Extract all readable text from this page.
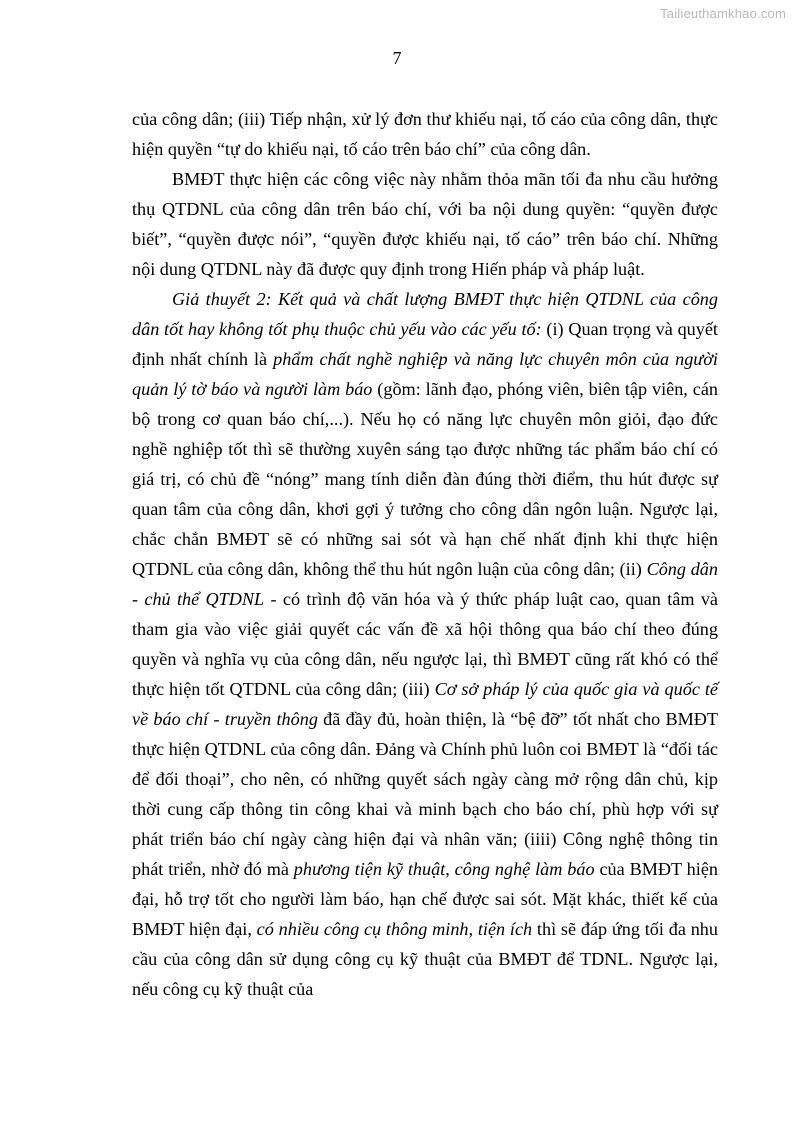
Tailieuthamkhao.com
7

của công dân; (iii) Tiếp nhận, xử lý đơn thư khiếu nại, tố cáo của công dân, thực hiện quyền “tự do khiếu nại, tố cáo trên báo chí” của công dân.

BMĐT thực hiện các công việc này nhằm thỏa mãn tối đa nhu cầu hưởng thụ QTDNL của công dân trên báo chí, với ba nội dung quyền: “quyền được biết”, “quyền được nói”, “quyền được khiếu nại, tố cáo” trên báo chí. Những nội dung QTDNL này đã được quy định trong Hiến pháp và pháp luật.

Giả thuyết 2: Kết quả và chất lượng BMĐT thực hiện QTDNL của công dân tốt hay không tốt phụ thuộc chủ yếu vào các yếu tố: (i) Quan trọng và quyết định nhất chính là phẩm chất nghề nghiệp và năng lực chuyên môn của người quản lý tờ báo và người làm báo (gồm: lãnh đạo, phóng viên, biên tập viên, cán bộ trong cơ quan báo chí,...). Nếu họ có năng lực chuyên môn giỏi, đạo đức nghề nghiệp tốt thì sẽ thường xuyên sáng tạo được những tác phẩm báo chí có giá trị, có chủ đề “nóng” mang tính diễn đàn đúng thời điểm, thu hút được sự quan tâm của công dân, khơi gợi ý tưởng cho công dân ngôn luận. Ngược lại, chắc chắn BMĐT sẽ có những sai sót và hạn chế nhất định khi thực hiện QTDNL của công dân, không thể thu hút ngôn luận của công dân; (ii) Công dân - chủ thể QTDNL - có trình độ văn hóa và ý thức pháp luật cao, quan tâm và tham gia vào việc giải quyết các vấn đề xã hội thông qua báo chí theo đúng quyền và nghĩa vụ của công dân, nếu ngược lại, thì BMĐT cũng rất khó có thể thực hiện tốt QTDNL của công dân; (iii) Cơ sở pháp lý của quốc gia và quốc tế về báo chí - truyền thông đã đầy đủ, hoàn thiện, là “bệ đỡ” tốt nhất cho BMĐT thực hiện QTDNL của công dân. Đảng và Chính phủ luôn coi BMĐT là “đối tác để đối thoại”, cho nên, có những quyết sách ngày càng mở rộng dân chủ, kịp thời cung cấp thông tin công khai và minh bạch cho báo chí, phù hợp với sự phát triển báo chí ngày càng hiện đại và nhân văn; (iiii) Công nghệ thông tin phát triển, nhờ đó mà phương tiện kỹ thuật, công nghệ làm báo của BMĐT hiện đại, hỗ trợ tốt cho người làm báo, hạn chế được sai sót. Mặt khác, thiết kế của BMĐT hiện đại, có nhiều công cụ thông minh, tiện ích thì sẽ đáp ứng tối đa nhu cầu của công dân sử dụng công cụ kỹ thuật của BMĐT để TDNL. Ngược lại, nếu công cụ kỹ thuật của
